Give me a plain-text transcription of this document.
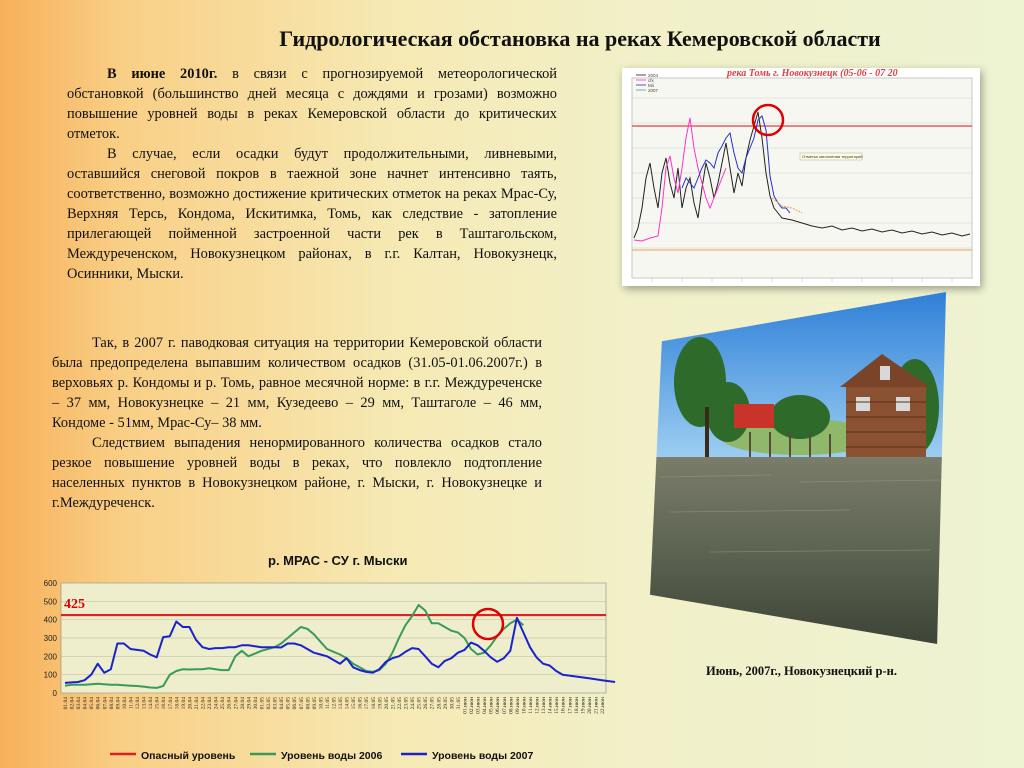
Гидрологическая обстановка на реках Кемеровской области

В июне 2010г. в связи с прогнозируемой метеорологической обстановкой (большинство дней месяца с дождями и грозами) возможно повышение уровней воды в реках Кемеровской области до критических отметок.
В случае, если осадки будут продолжительными, ливневыми, оставшийся снеговой покров в таежной зоне начнет интенсивно таять, соответственно, возможно достижение критических отметок на реках Мрас-Су, Верхняя Терсь, Кондома, Искитимка, Томь, как следствие - затопление прилегающей пойменной застроенной части рек в Таштагольском, Междуреченском, Новокузнецком районах, в г.г. Калтан, Новокузнецк, Осинники, Мыски.

Так, в 2007 г. паводковая ситуация на территории Кемеровской области была предопределена выпавшим количеством осадков (31.05-01.06.2007г.) в верховьях р. Кондомы и р. Томь, равное месячной норме: в г.г. Междуреченске – 37 мм, Новокузнецке – 21 мм, Кузедеево – 29 мм, Таштаголе – 46 мм, Кондоме - 51мм, Мрас-Су– 38 мм.
Следствием выпадения ненормированного количества осадков стало резкое повышение уровней воды в реках, что повлекло подтопление населенных пунктов в Новокузнецком районе, г. Мыски, г. Новокузнецке и г.Междуреченск.

река Томь г. Новокузнецк (05-06 - 07 20
2004
сfx
Міі
2007
Отметка затопления территорий
Июнь, 2007г., Новокузнецкий р-н.
р. МРАС - СУ г. Мыски
0
100
200
300
400
500
600
01.04 02.04 03.04 04.04 05.04 06.04 07.04 08.04 09.04 10.04 11.04 12.04 13.04 14.04 15.04 16.04 17.04 18.04 19.04 20.04 21.04 22.04 23.04 24.04 25.04 26.04 27.04 28.04 29.04 30.04 01.05 02.05 03.05 04.05 05.05 06.05 07.05 08.05 09.05 10.05 11.05 12.05 13.05 14.05 15.05 16.05 17.05 18.05 19.05 20.05 21.05 22.05 23.05 24.05 25.05 26.05 27.05 28.05 29.05 30.05 31.05 01.июн 02.июн 03.июн 04.июн 05.июн 06.июн 07.июн 08.июн 09.июн 10.июн 11.июн 12.июн 13.июн 14.июн 15.июн 16.июн 17.июн 18.июн 19.июн 20.июн 21.июн 22.июн
425
Опасный уровень	Уровень воды 2006	Уровень воды 2007
